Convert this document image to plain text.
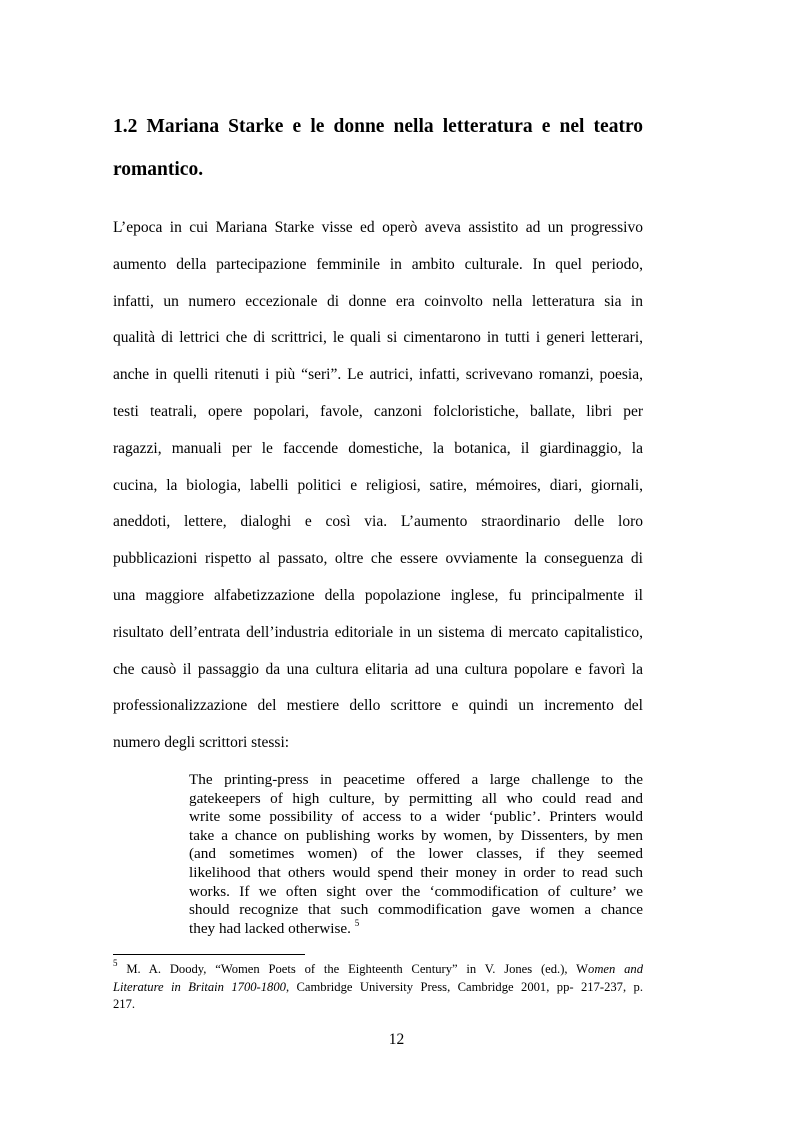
1.2 Mariana Starke e le donne nella letteratura e nel teatro
romantico.
L’epoca in cui Mariana Starke visse ed operò aveva assistito ad un progressivo
aumento della partecipazione femminile in ambito culturale. In quel periodo,
infatti, un numero eccezionale di donne era coinvolto nella letteratura sia in
qualità di lettrici che di scrittrici, le quali si cimentarono in tutti i generi letterari,
anche in quelli ritenuti i più “seri”. Le autrici, infatti, scrivevano romanzi, poesia,
testi teatrali, opere popolari, favole, canzoni folcloristiche, ballate, libri per
ragazzi, manuali per le faccende domestiche, la botanica, il giardinaggio, la
cucina, la biologia, labelli politici e religiosi, satire, mémoires, diari, giornali,
aneddoti, lettere, dialoghi e così via. L’aumento straordinario delle loro
pubblicazioni rispetto al passato, oltre che essere ovviamente la conseguenza di
una maggiore alfabetizzazione della popolazione inglese, fu principalmente il
risultato dell’entrata dell’industria editoriale in un sistema di mercato capitalistico,
che causò il passaggio da una cultura elitaria ad una cultura popolare e favorì la
professionalizzazione del mestiere dello scrittore e quindi un incremento del
numero degli scrittori stessi:
The printing-press in peacetime offered a large challenge to the
gatekeepers of high culture, by permitting all who could read and
write some possibility of access to a wider ‘public’. Printers would
take a chance on publishing works by women, by Dissenters, by men
(and sometimes women) of the lower classes, if they seemed
likelihood that others would spend their money in order to read such
works. If we often sight over the ‘commodification of culture’ we
should recognize that such commodification gave women a chance
they had lacked otherwise. $^5$
$^5$ M. A. Doody, “Women Poets of the Eighteenth Century” in V. Jones (ed.), Women and
Literature in Britain 1700-1800, Cambridge University Press, Cambridge 2001, pp- 217-237, p.
217.
12
